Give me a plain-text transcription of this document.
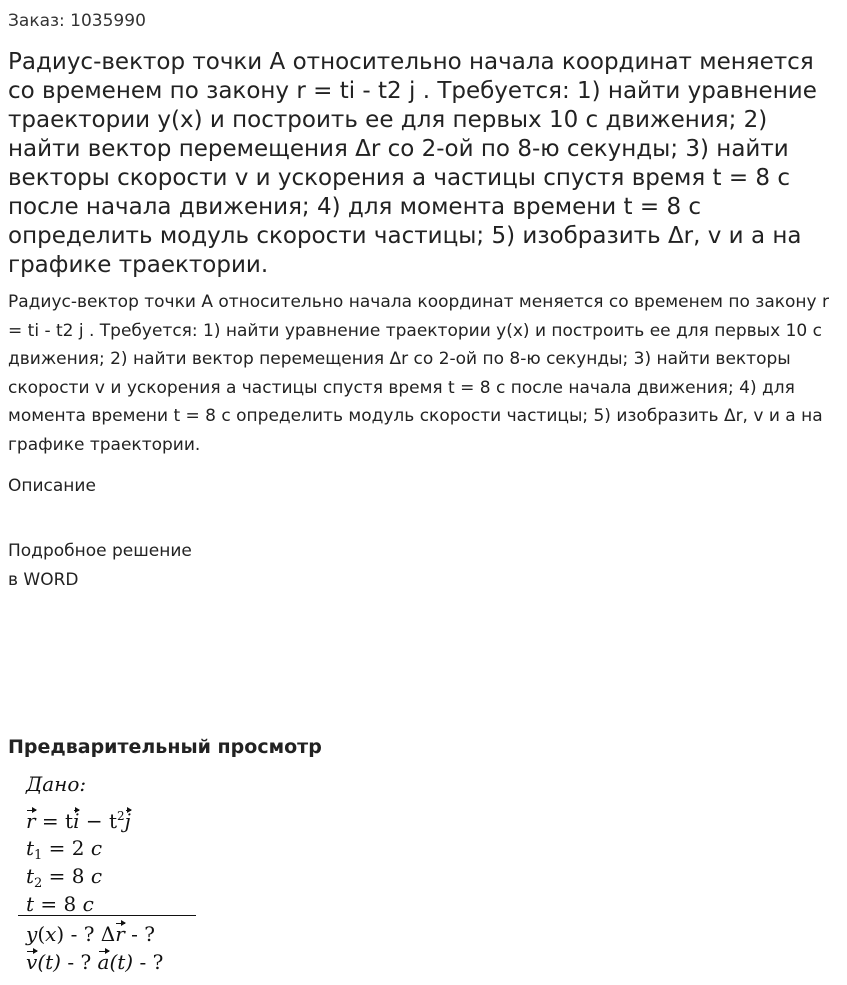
Заказ: 1035990
Радиус-вектор точки А относительно начала координат меняется со временем по закону r = ti - t2 j . Требуется: 1) найти уравнение траектории y(x) и построить ее для первых 10 с движения; 2) найти вектор перемещения Δr со 2-ой по 8-ю секунды; 3) найти векторы скорости v и ускорения a частицы спустя время t = 8 с после начала движения; 4) для момента времени t = 8 с определить модуль скорости частицы; 5) изобразить Δr, v и a на графике траектории.

Радиус-вектор точки А относительно начала координат меняется со временем по закону r = ti - t2 j . Требуется: 1) найти уравнение траектории y(x) и построить ее для первых 10 с движения; 2) найти вектор перемещения Δr со 2-ой по 8-ю секунды; 3) найти векторы скорости v и ускорения a частицы спустя время t = 8 с после начала движения; 4) для момента времени t = 8 с определить модуль скорости частицы; 5) изобразить Δr, v и a на графике траектории.

Описание
Подробное решение
в WORD
Предварительный просмотр
Дано:
r = ti − $t^2j$
$t_1 = 2$ c
$t_2 = 8$ c
t = 8 c
y(x) - ? Δr - ?
v(t) - ? a(t) - ?
